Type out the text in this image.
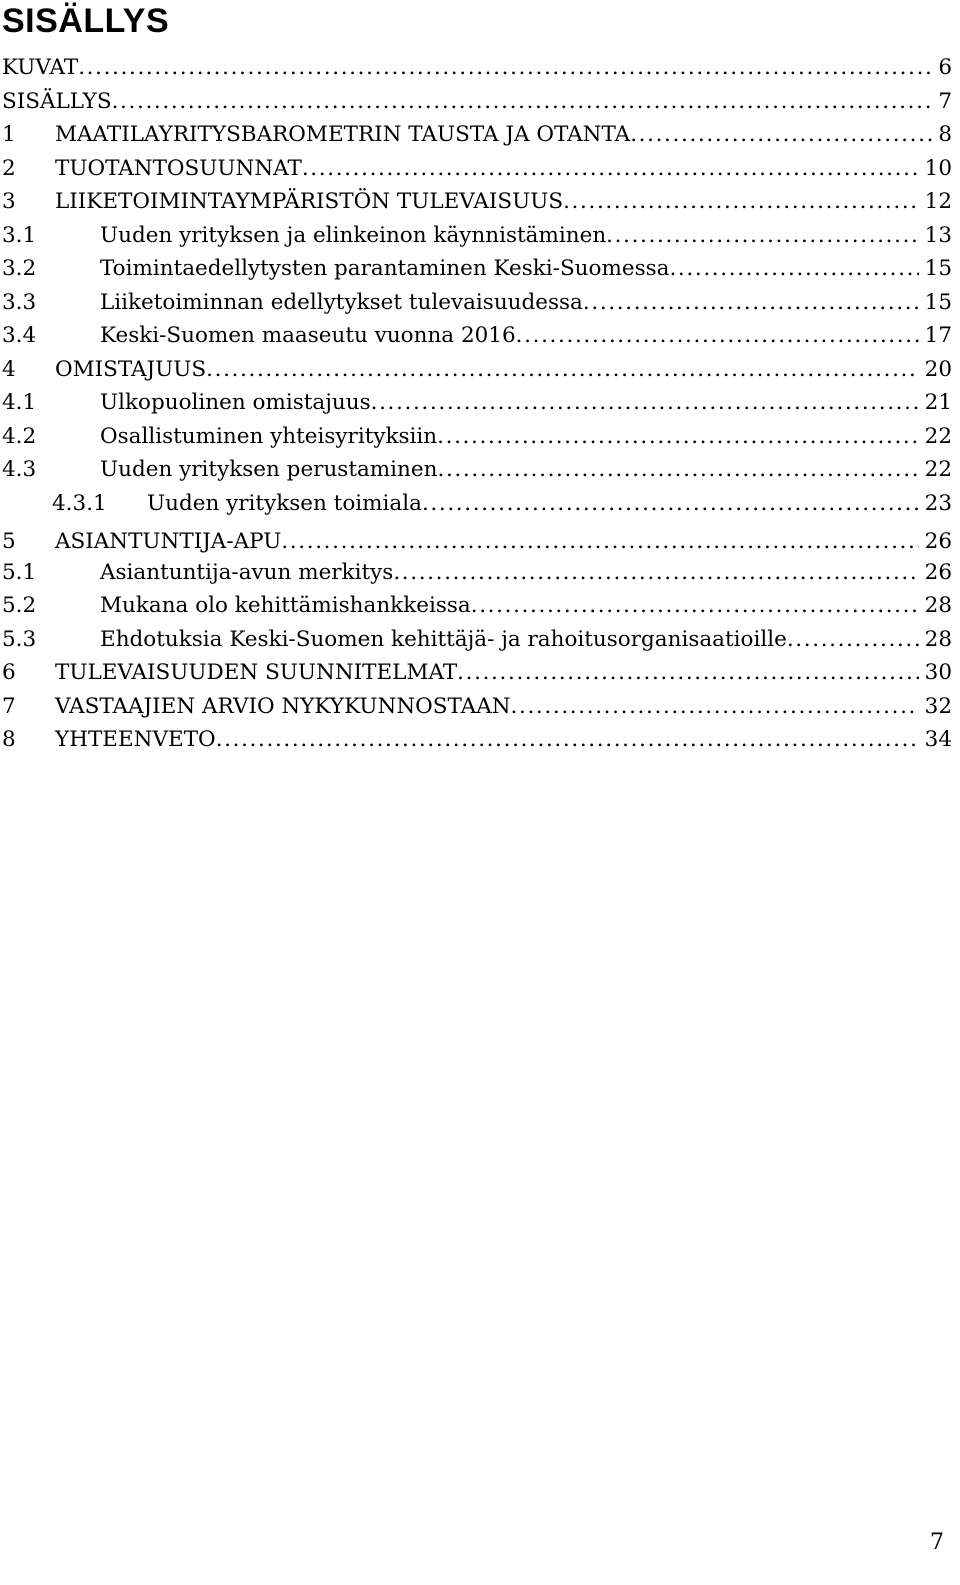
SISÄLLYS
KUVAT . . .	6
SISÄLLYS . . .	7
1	MAATILAYRITYSBAROMETRIN TAUSTA JA OTANTA . . .	8
2	TUOTANTOSUUNNAT . . .	10
3	LIIKETOIMINTAYMPÄRISTÖN TULEVAISUUS . . .	12
3.1	Uuden yrityksen ja elinkeinon käynnistäminen . . .	13
3.2	Toimintaedellytysten parantaminen Keski-Suomessa . . .	15
3.3	Liiketoiminnan edellytykset tulevaisuudessa . . .	15
3.4	Keski-Suomen maaseutu vuonna 2016 . . .	17
4	OMISTAJUUS . . .	20
4.1	Ulkopuolinen omistajuus . . .	21
4.2	Osallistuminen yhteisyrityksiin . . .	22
4.3	Uuden yrityksen perustaminen . . .	22
4.3.1	Uuden yrityksen toimiala . . .	23
5	ASIANTUNTIJA-APU . . .	26
5.1	Asiantuntija-avun merkitys . . .	26
5.2	Mukana olo kehittämishankkeissa . . .	28
5.3	Ehdotuksia Keski-Suomen kehittäjä- ja rahoitusorganisaatioille . . .	28
6	TULEVAISUUDEN SUUNNITELMAT . . .	30
7	VASTAAJIEN ARVIO NYKYKUNNOSTAAN . . .	32
8	YHTEENVETO . . .	34
7
